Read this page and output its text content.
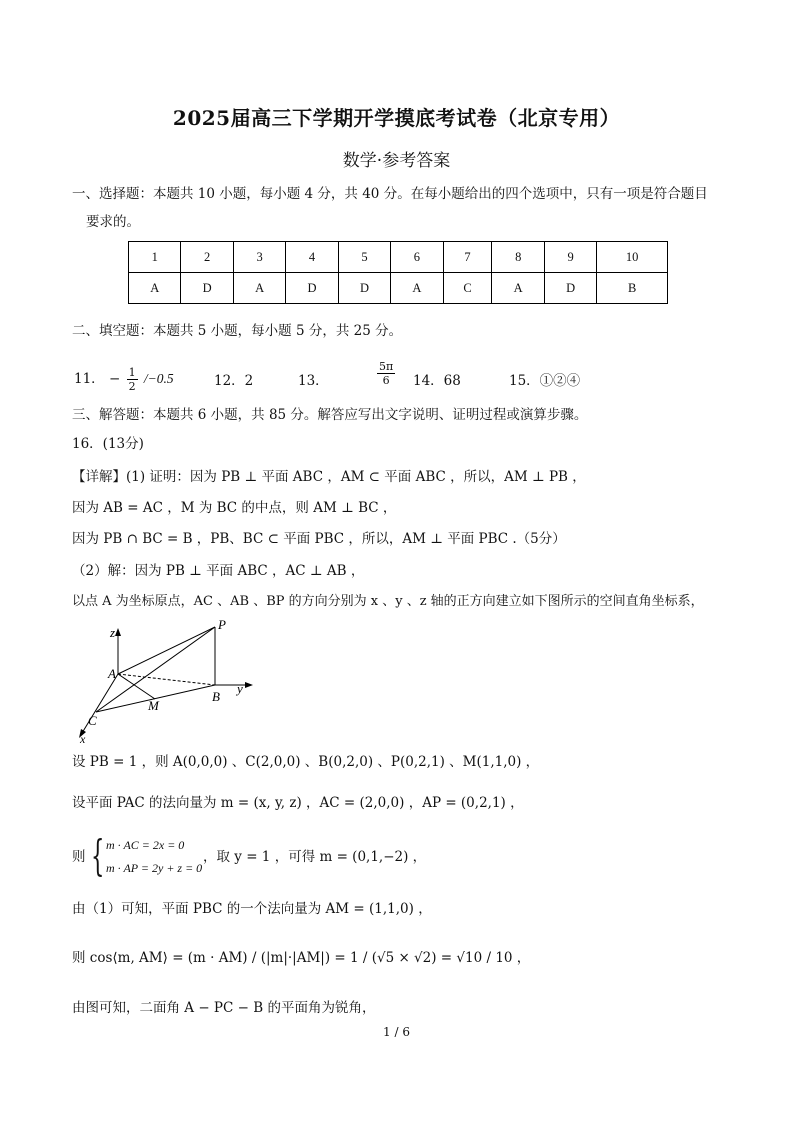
2025届高三下学期开学摸底考试卷（北京专用）
数学·参考答案
一、选择题：本题共 10 小题，每小题 4 分，共 40 分。在每小题给出的四个选项中，只有一项是符合题目
要求的。
1	2	3	4	5	6	7	8	9	10
A	D	A	D	D	A	C	A	D	B
二、填空题：本题共 5 小题，每小题 5 分，共 25 分。
11． − $\frac{1}{2} /-0.5$	12．2	13．	$\frac{5\pi}{6} 14$．68	15．①②④
三、解答题：本题共 6 小题，共 85 分。解答应写出文字说明、证明过程或演算步骤。
16．(13分)
【详解】(1) 证明：因为 PB ⊥ 平面 ABC ，AM ⊂ 平面 ABC ，所以，AM ⊥ PB ，
因为 AB = AC ，M 为 BC 的中点，则 AM ⊥ BC ，
因为 PB ∩ BC = B ，PB、BC ⊂ 平面 PBC ，所以，AM ⊥ 平面 PBC .（5分）
（2）解：因为 PB ⊥ 平面 ABC ，AC ⊥ AB ，
以点 A 为坐标原点，AC 、AB 、BP 的方向分别为 x 、y 、z 轴的正方向建立如下图所示的空间直角坐标系，
z
P
A
B
y
M
C
x
设 PB = 1 ，则 A(0,0,0) 、C(2,0,0) 、B(0,2,0) 、P(0,2,1) 、M(1,1,0) ，
设平面 PAC 的法向量为 m = (x, y, z) ，AC = (2,0,0) ，AP = (0,2,1) ，
则 { m · AC = 2x = 0
m · AP = 2y + z = 0
，取 y = 1 ，可得 m = (0,1,−2) ，
由（1）可知，平面 PBC 的一个法向量为 AM = (1,1,0) ，
则 cos⟨m, AM⟩ = (m · AM) / (|m|·|AM|) = 1 / (√5 × √2) = √10 / 10 ，
由图可知，二面角 A − PC − B 的平面角为锐角，
1 / 6
